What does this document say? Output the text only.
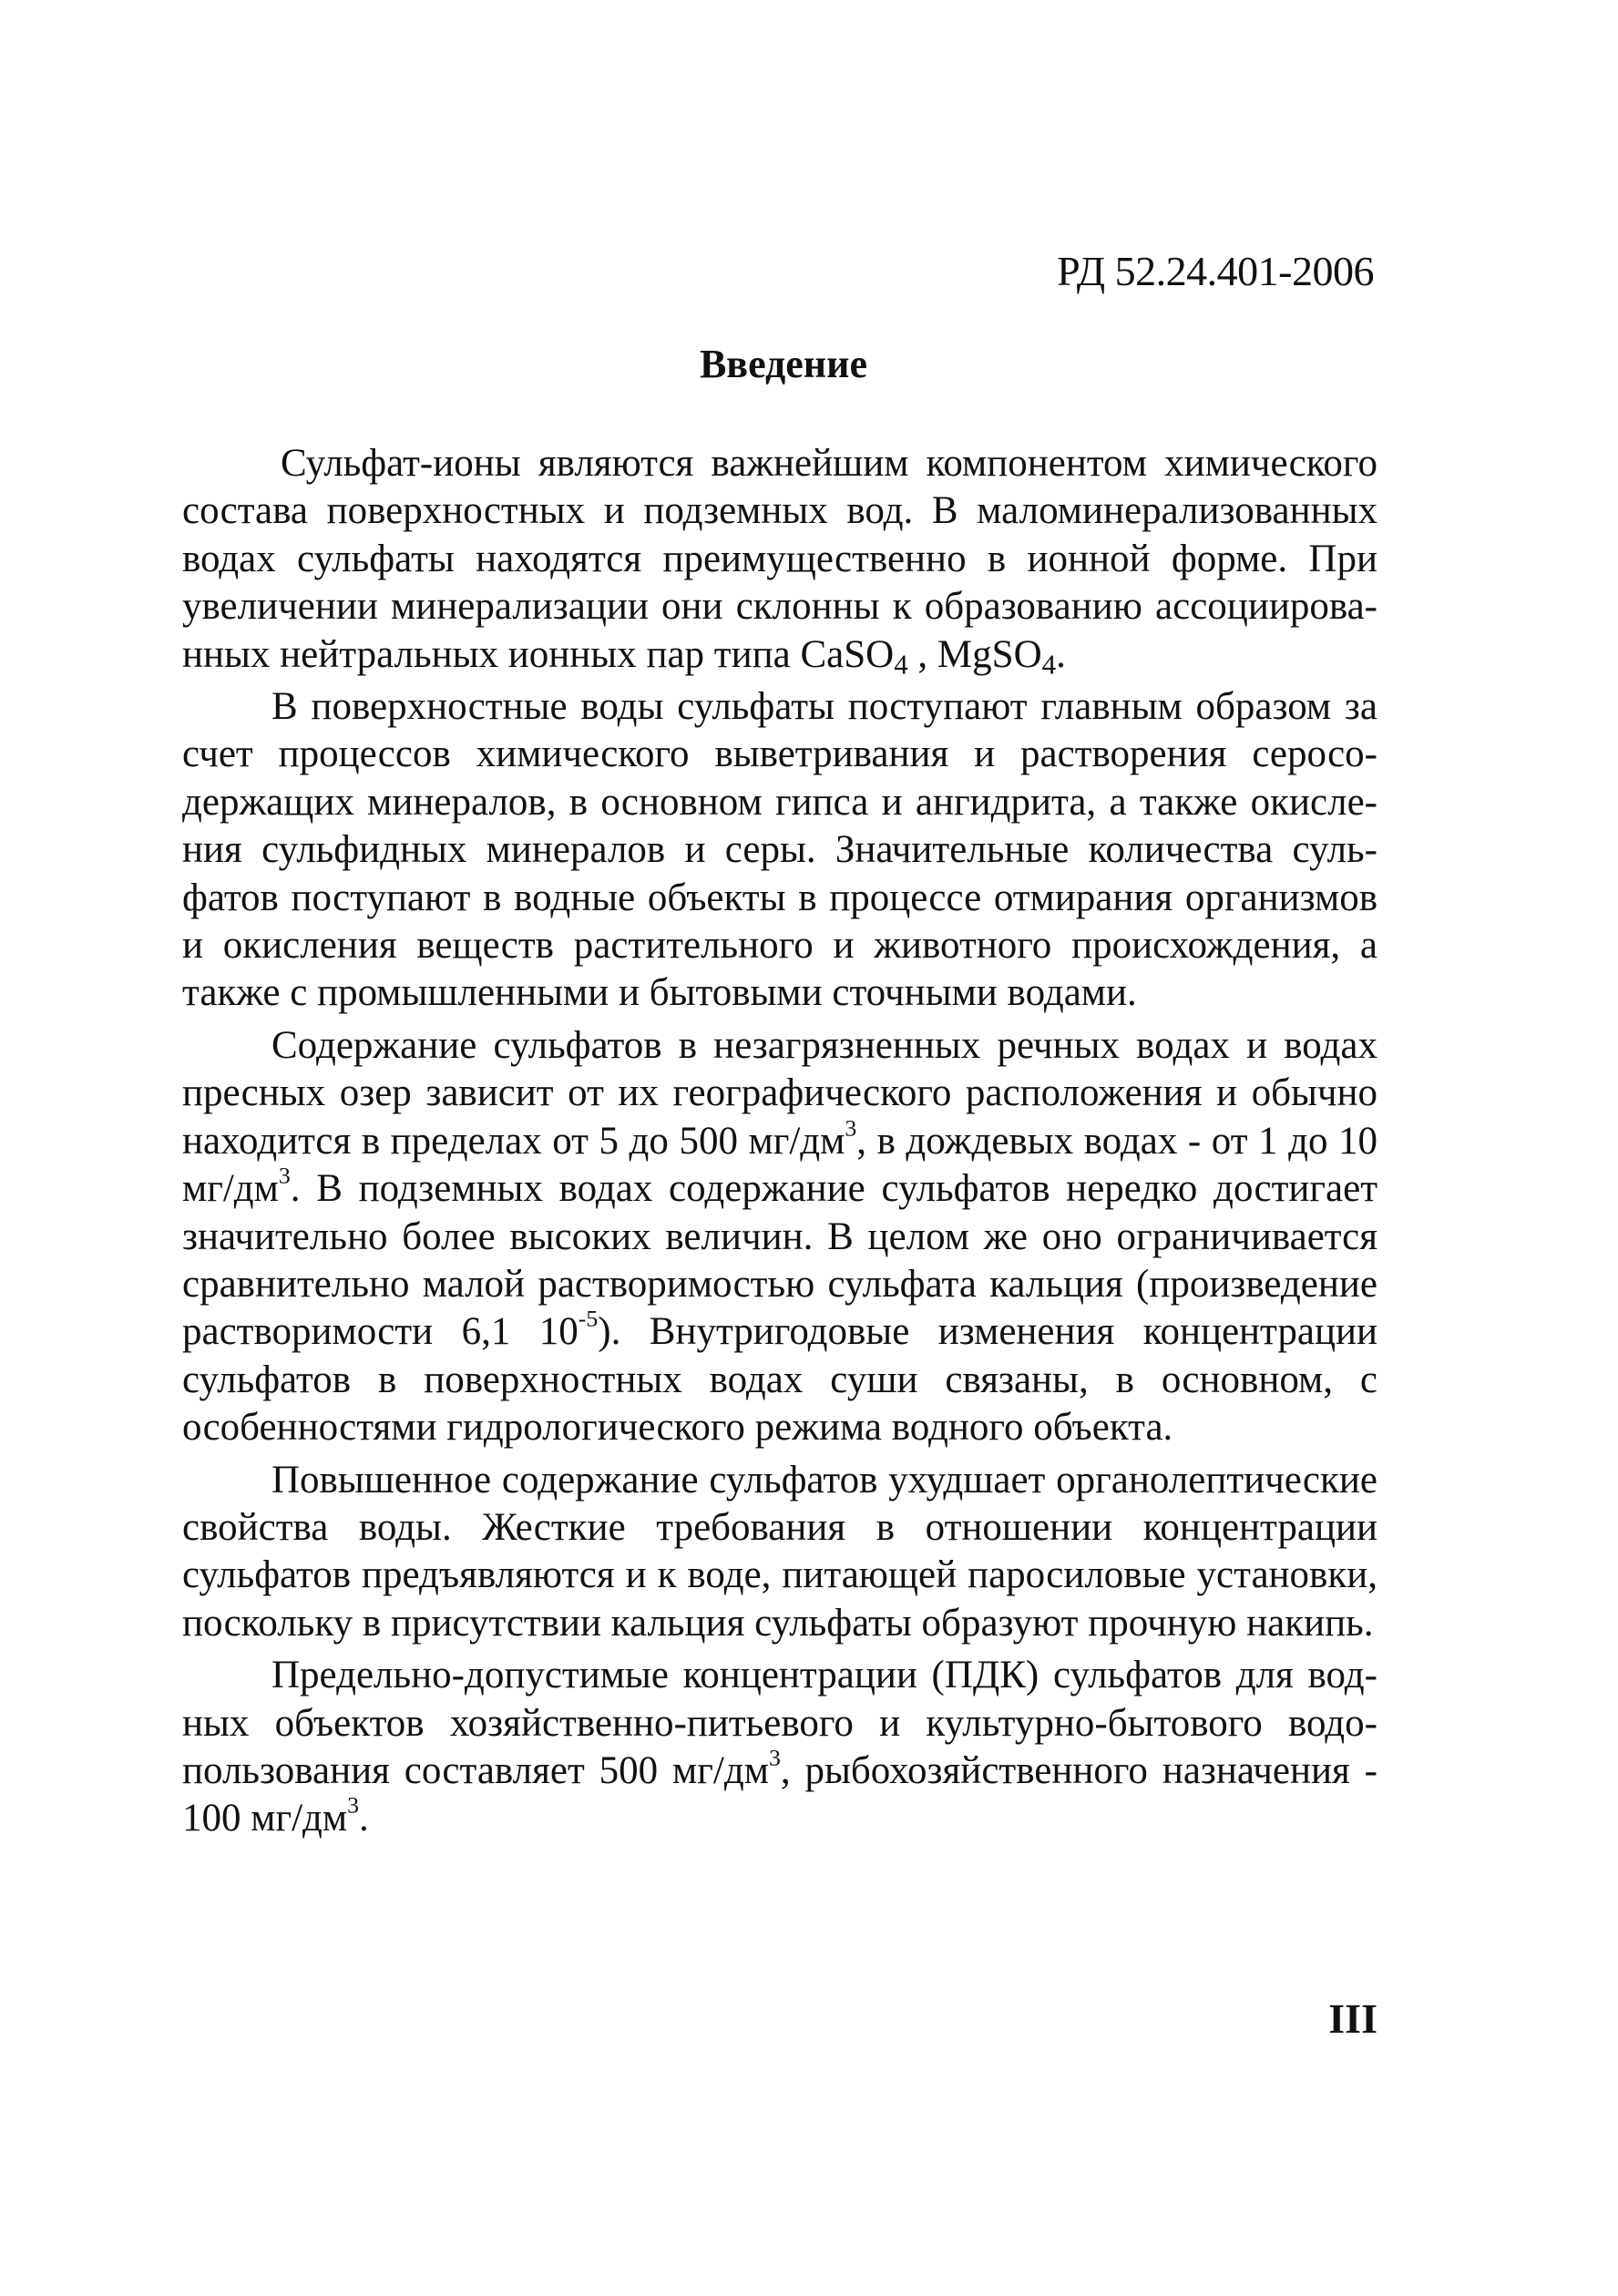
РД 52.24.401-2006
Введение

Сульфат-ионы являются важнейшим компонентом химического состава поверхностных и подземных вод. В маломинерализованных водах сульфаты находятся преимущественно в ионной форме. При увеличении минерализации они склонны к образованию ассоциированных нейтральных ионных пар типа CaSO$_4$ , MgSO$_4$.

В поверхностные воды сульфаты поступают главным образом за счет процессов химического выветривания и растворения серосодержащих минералов, в основном гипса и ангидрита, а также окисления сульфидных минералов и серы. Значительные количества сульфатов поступают в водные объекты в процессе отмирания организмов и окисления веществ растительного и животного происхождения, а также с промышленными и бытовыми сточными водами.

Содержание сульфатов в незагрязненных речных водах и водах пресных озер зависит от их географического расположения и обычно находится в пределах от 5 до 500 $мг/дм^3$, в дождевых водах - от 1 до 10 $мг/дм^3$. В подземных водах содержание сульфатов нередко достигает значительно более высоких величин. В целом же оно ограничивается сравнительно малой растворимостью сульфата кальция (произведение растворимости 6,1 $10^{-5}$). Внутригодовые изменения концентрации сульфатов в поверхностных водах суши связаны, в основном, с особенностями гидрологического режима водного объекта.

Повышенное содержание сульфатов ухудшает органолептические свойства воды. Жесткие требования в отношении концентрации сульфатов предъявляются и к воде, питающей паросиловые установки, поскольку в присутствии кальция сульфаты образуют прочную накипь.

Предельно-допустимые концентрации (ПДК) сульфатов для водных объектов хозяйственно-питьевого и культурно-бытового водопользования составляет 500 $мг/дм^3$, рыбохозяйственного назначения - 100 $мг/дм^3$.

III
